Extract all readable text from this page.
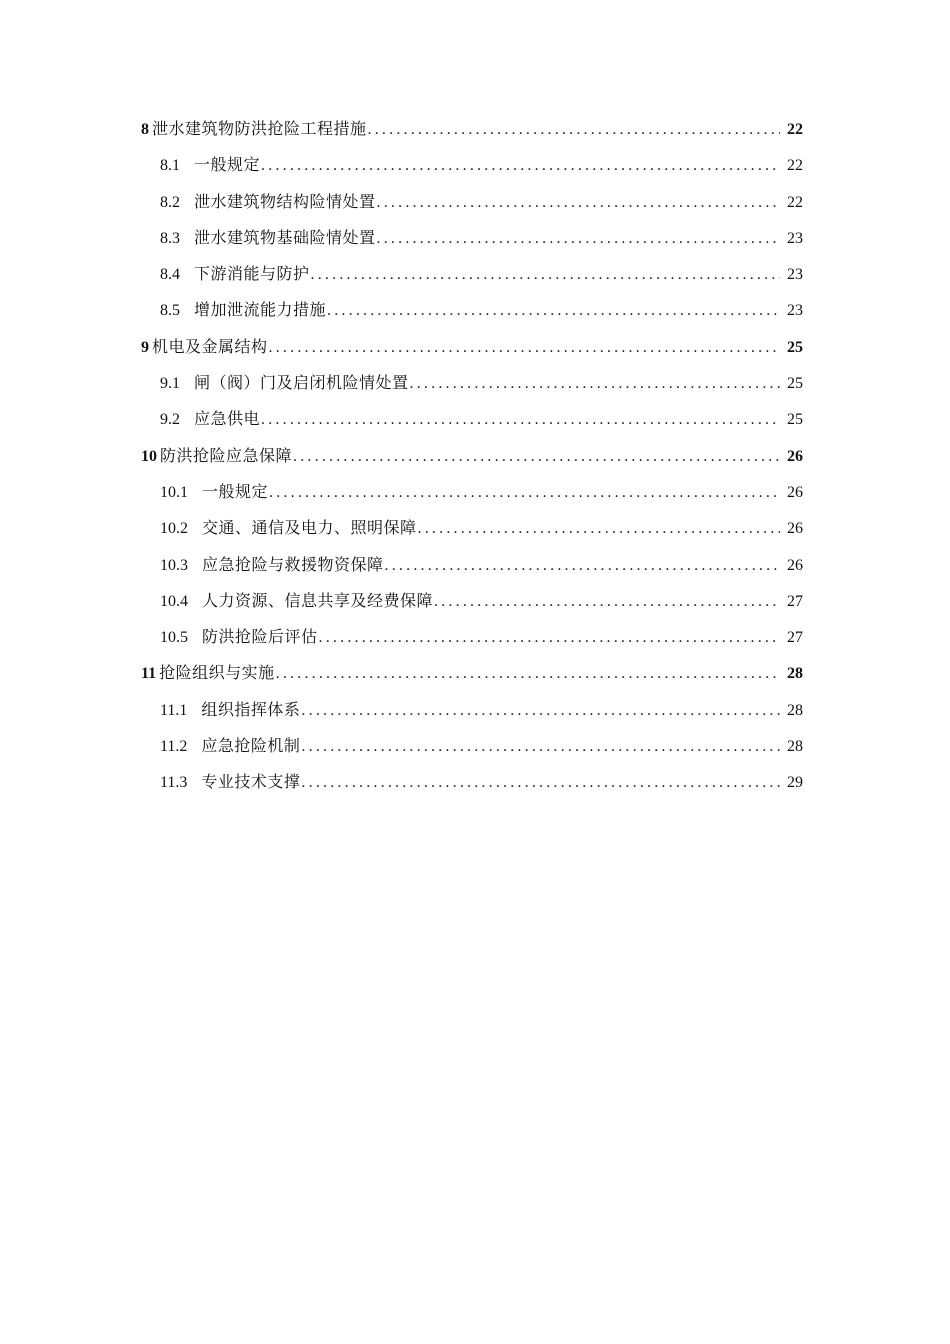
8 泄水建筑物防洪抢险工程措施 .....	22
8.1 一般规定 .....	22
8.2 泄水建筑物结构险情处置 .....	22
8.3 泄水建筑物基础险情处置 .....	23
8.4 下游消能与防护 .....	23
8.5 增加泄流能力措施 .....	23
9 机电及金属结构 .....	25
9.1 闸（阀）门及启闭机险情处置 .....	25
9.2 应急供电 .....	25
10 防洪抢险应急保障 .....	26
10.1 一般规定 .....	26
10.2 交通、通信及电力、照明保障 .....	26
10.3 应急抢险与救援物资保障 .....	26
10.4 人力资源、信息共享及经费保障 .....	27
10.5 防洪抢险后评估 .....	27
11 抢险组织与实施 .....	28
11.1 组织指挥体系 .....	28
11.2 应急抢险机制 .....	28
11.3 专业技术支撑 .....	29
